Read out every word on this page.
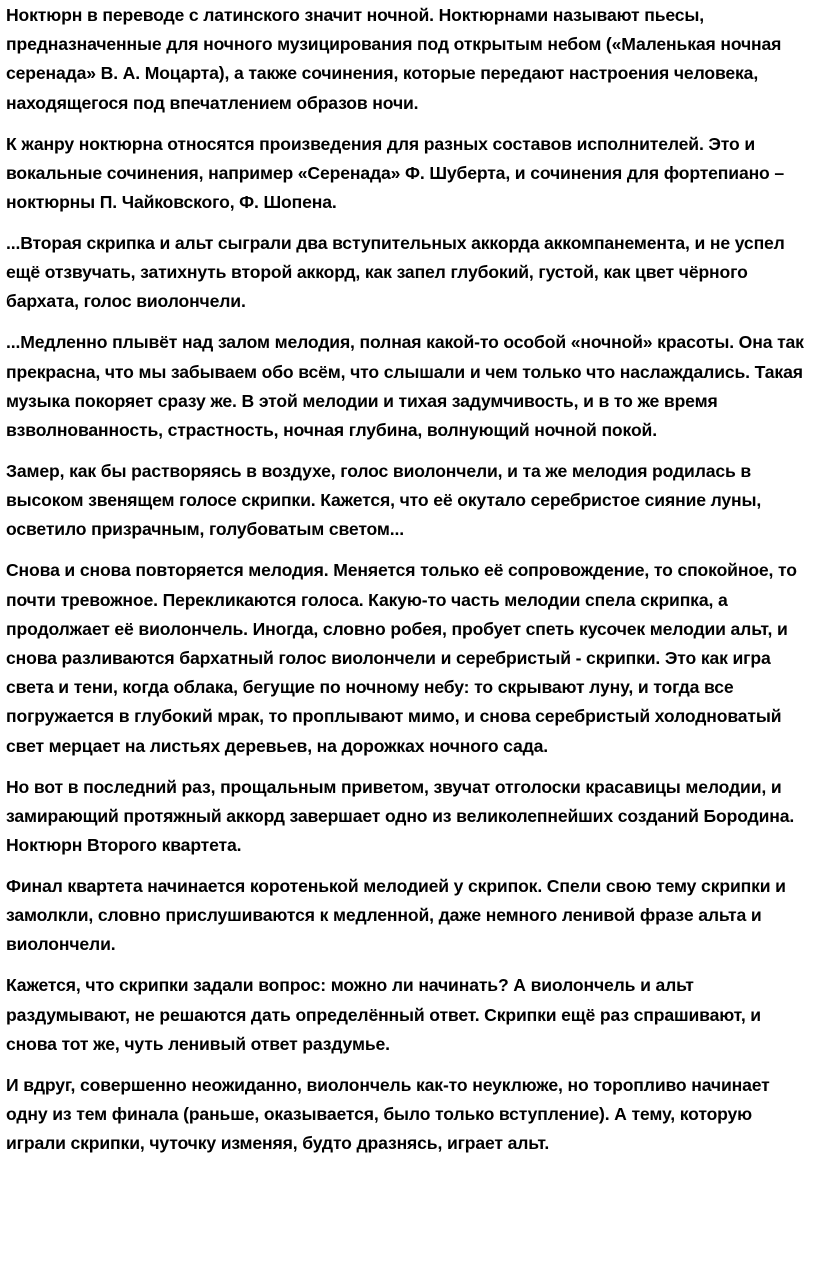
Ноктюрн в переводе с латинского значит ночной. Ноктюрнами называют пьесы, предназначенные для ночного музицирования под открытым небом («Маленькая ночная серенада» В. А. Моцарта), а также сочинения, которые передают настроения человека, находящегося под впечатлением образов ночи.

К жанру ноктюрна относятся произведения для разных составов исполнителей. Это и вокальные сочинения, например «Серенада» Ф. Шуберта, и сочинения для фортепиано – ноктюрны П. Чайковского, Ф. Шопена.

...Вторая скрипка и альт сыграли два вступительных аккорда аккомпанемента, и не успел ещё отзвучать, затихнуть второй аккорд, как запел глубокий, густой, как цвет чёрного бархата, голос виолончели.

...Медленно плывёт над залом мелодия, полная какой-то особой «ночной» красоты. Она так прекрасна, что мы забываем обо всём, что слышали и чем только что наслаждались. Такая музыка покоряет сразу же. В этой мелодии и тихая задумчивость, и в то же время взволнованность, страстность, ночная глубина, волнующий ночной покой.

Замер, как бы растворяясь в воздухе, голос виолончели, и та же мелодия родилась в высоком звенящем голосе скрипки. Кажется, что её окутало серебристое сияние луны, осветило призрачным, голубоватым светом...

Снова и снова повторяется мелодия. Меняется только её сопровождение, то спокойное, то почти тревожное. Перекликаются голоса. Какую-то часть мелодии спела скрипка, а продолжает её виолончель. Иногда, словно робея, пробует спеть кусочек мелодии альт, и снова разливаются бархатный голос виолончели и серебристый - скрипки. Это как игра света и тени, когда облака, бегущие по ночному небу: то скрывают луну, и тогда все погружается в глубокий мрак, то проплывают мимо, и снова серебристый холодноватый свет мерцает на листьях деревьев, на дорожках ночного сада.

Но вот в последний раз, прощальным приветом, звучат отголоски красавицы мелодии, и замирающий протяжный аккорд завершает одно из великолепнейших созданий Бородина. Ноктюрн Второго квартета.

Финал квартета начинается коротенькой мелодией у скрипок. Спели свою тему скрипки и замолкли, словно прислушиваются к медленной, даже немного ленивой фразе альта и виолончели.

Кажется, что скрипки задали вопрос: можно ли начинать? А виолончель и альт раздумывают, не решаются дать определённый ответ. Скрипки ещё раз спрашивают, и снова тот же, чуть ленивый ответ раздумье.

И вдруг, совершенно неожиданно, виолончель как-то неуклюже, но торопливо начинает одну из тем финала (раньше, оказывается, было только вступление). А тему, которую играли скрипки, чуточку изменяя, будто дразнясь, играет альт.
